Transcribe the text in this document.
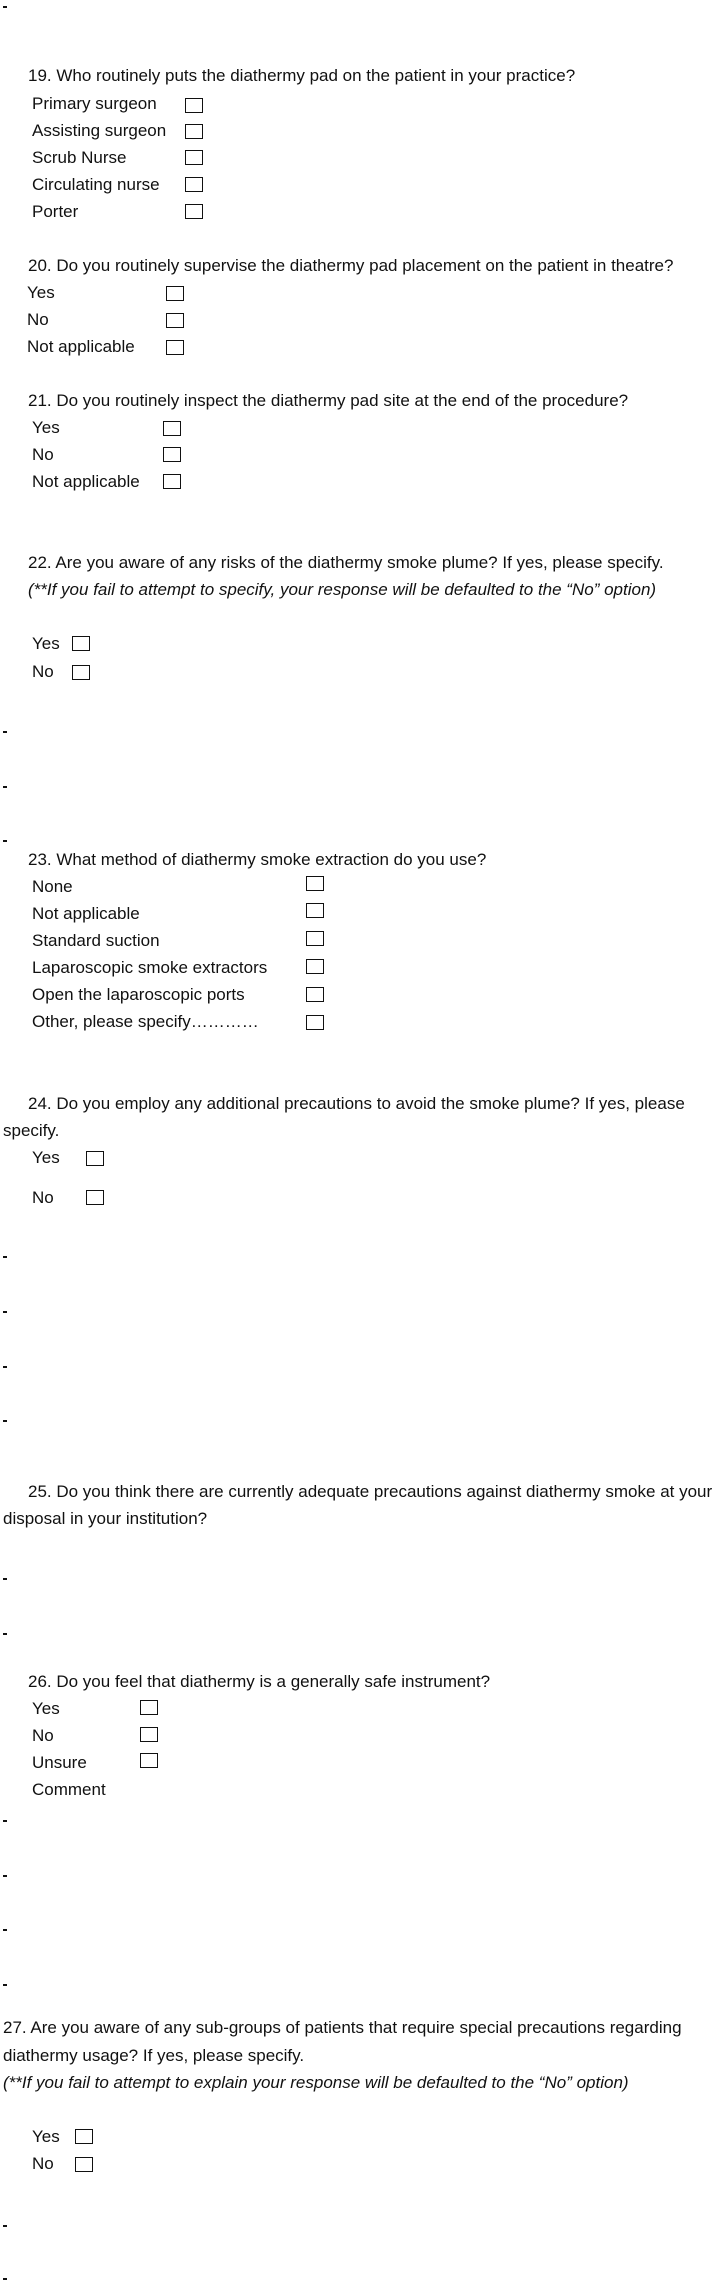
19. Who routinely puts the diathermy pad on the patient in your practice?
Primary surgeon
Assisting surgeon
Scrub Nurse
Circulating nurse
Porter
20. Do you routinely supervise the diathermy pad placement on the patient in theatre?
Yes
No
Not applicable
21. Do you routinely inspect the diathermy pad site at the end of the procedure?
Yes
No
Not applicable
22. Are you aware of any risks of the diathermy smoke plume? If yes, please specify.
(**If you fail to attempt to specify, your response will be defaulted to the “No” option)
Yes
No
23. What method of diathermy smoke extraction do you use?
None
Not applicable
Standard suction
Laparoscopic smoke extractors
Open the laparoscopic ports
Other, please specify…………
24. Do you employ any additional precautions to avoid the smoke plume? If yes, please
specify.
Yes
No
25. Do you think there are currently adequate precautions against diathermy smoke at your
disposal in your institution?
26. Do you feel that diathermy is a generally safe instrument?
Yes
No
Unsure
Comment
27. Are you aware of any sub-groups of patients that require special precautions regarding
diathermy usage? If yes, please specify.
(**If you fail to attempt to explain your response will be defaulted to the “No” option)
Yes
No
